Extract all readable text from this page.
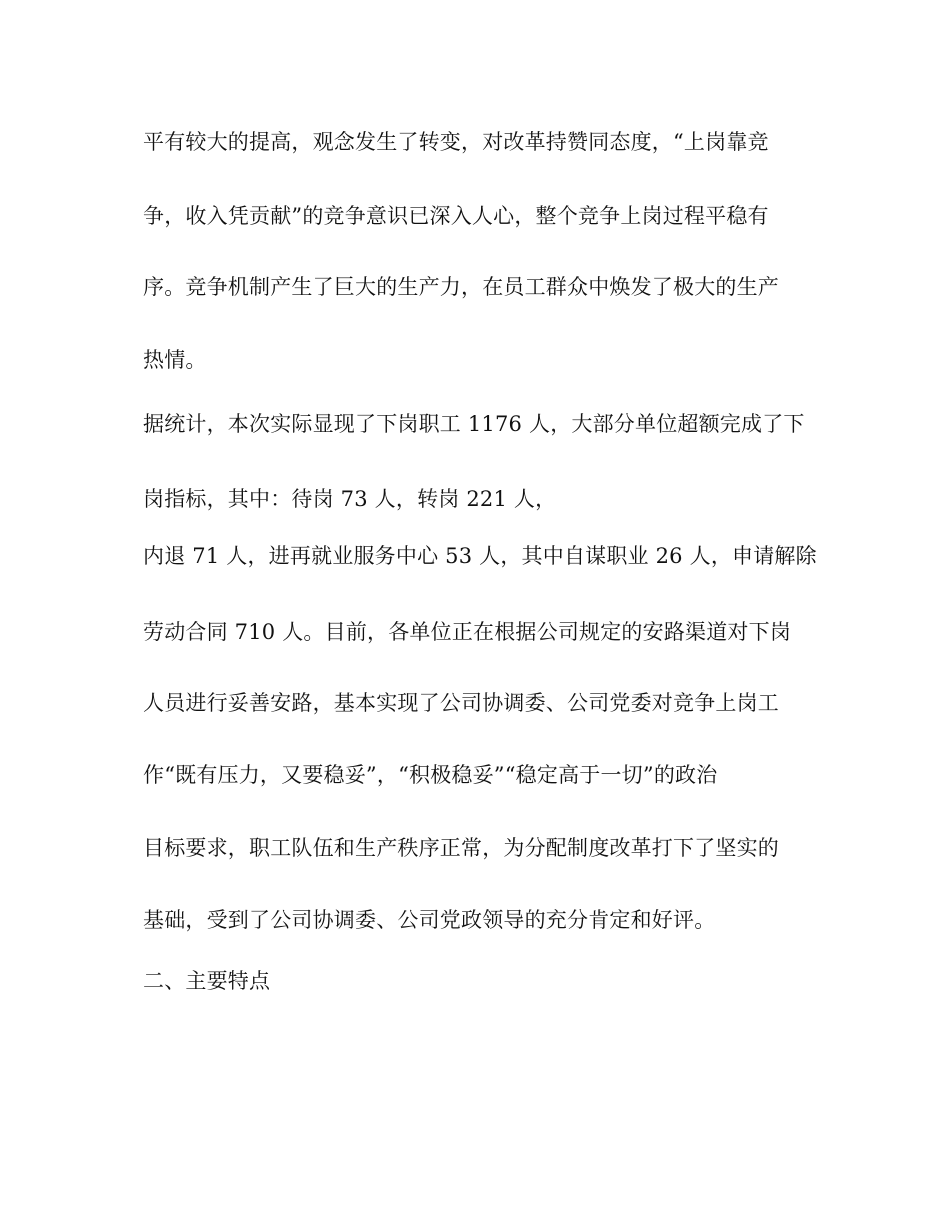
平有较大的提高，观念发生了转变，对改革持赞同态度，“上岗靠竞
争，收入凭贡献”的竞争意识已深入人心，整个竞争上岗过程平稳有
序。竞争机制产生了巨大的生产力，在员工群众中焕发了极大的生产
热情。
据统计，本次实际显现了下岗职工 1176 人，大部分单位超额完成了下
岗指标，其中：待岗 73 人，转岗 221 人，
内退 71 人，进再就业服务中心 53 人，其中自谋职业 26 人，申请解除
劳动合同 710 人。目前，各单位正在根据公司规定的安路渠道对下岗
人员进行妥善安路，基本实现了公司协调委、公司党委对竞争上岗工
作“既有压力，又要稳妥”，“积极稳妥”“稳定高于一切”的政治
目标要求，职工队伍和生产秩序正常，为分配制度改革打下了坚实的
基础，受到了公司协调委、公司党政领导的充分肯定和好评。
二、主要特点
